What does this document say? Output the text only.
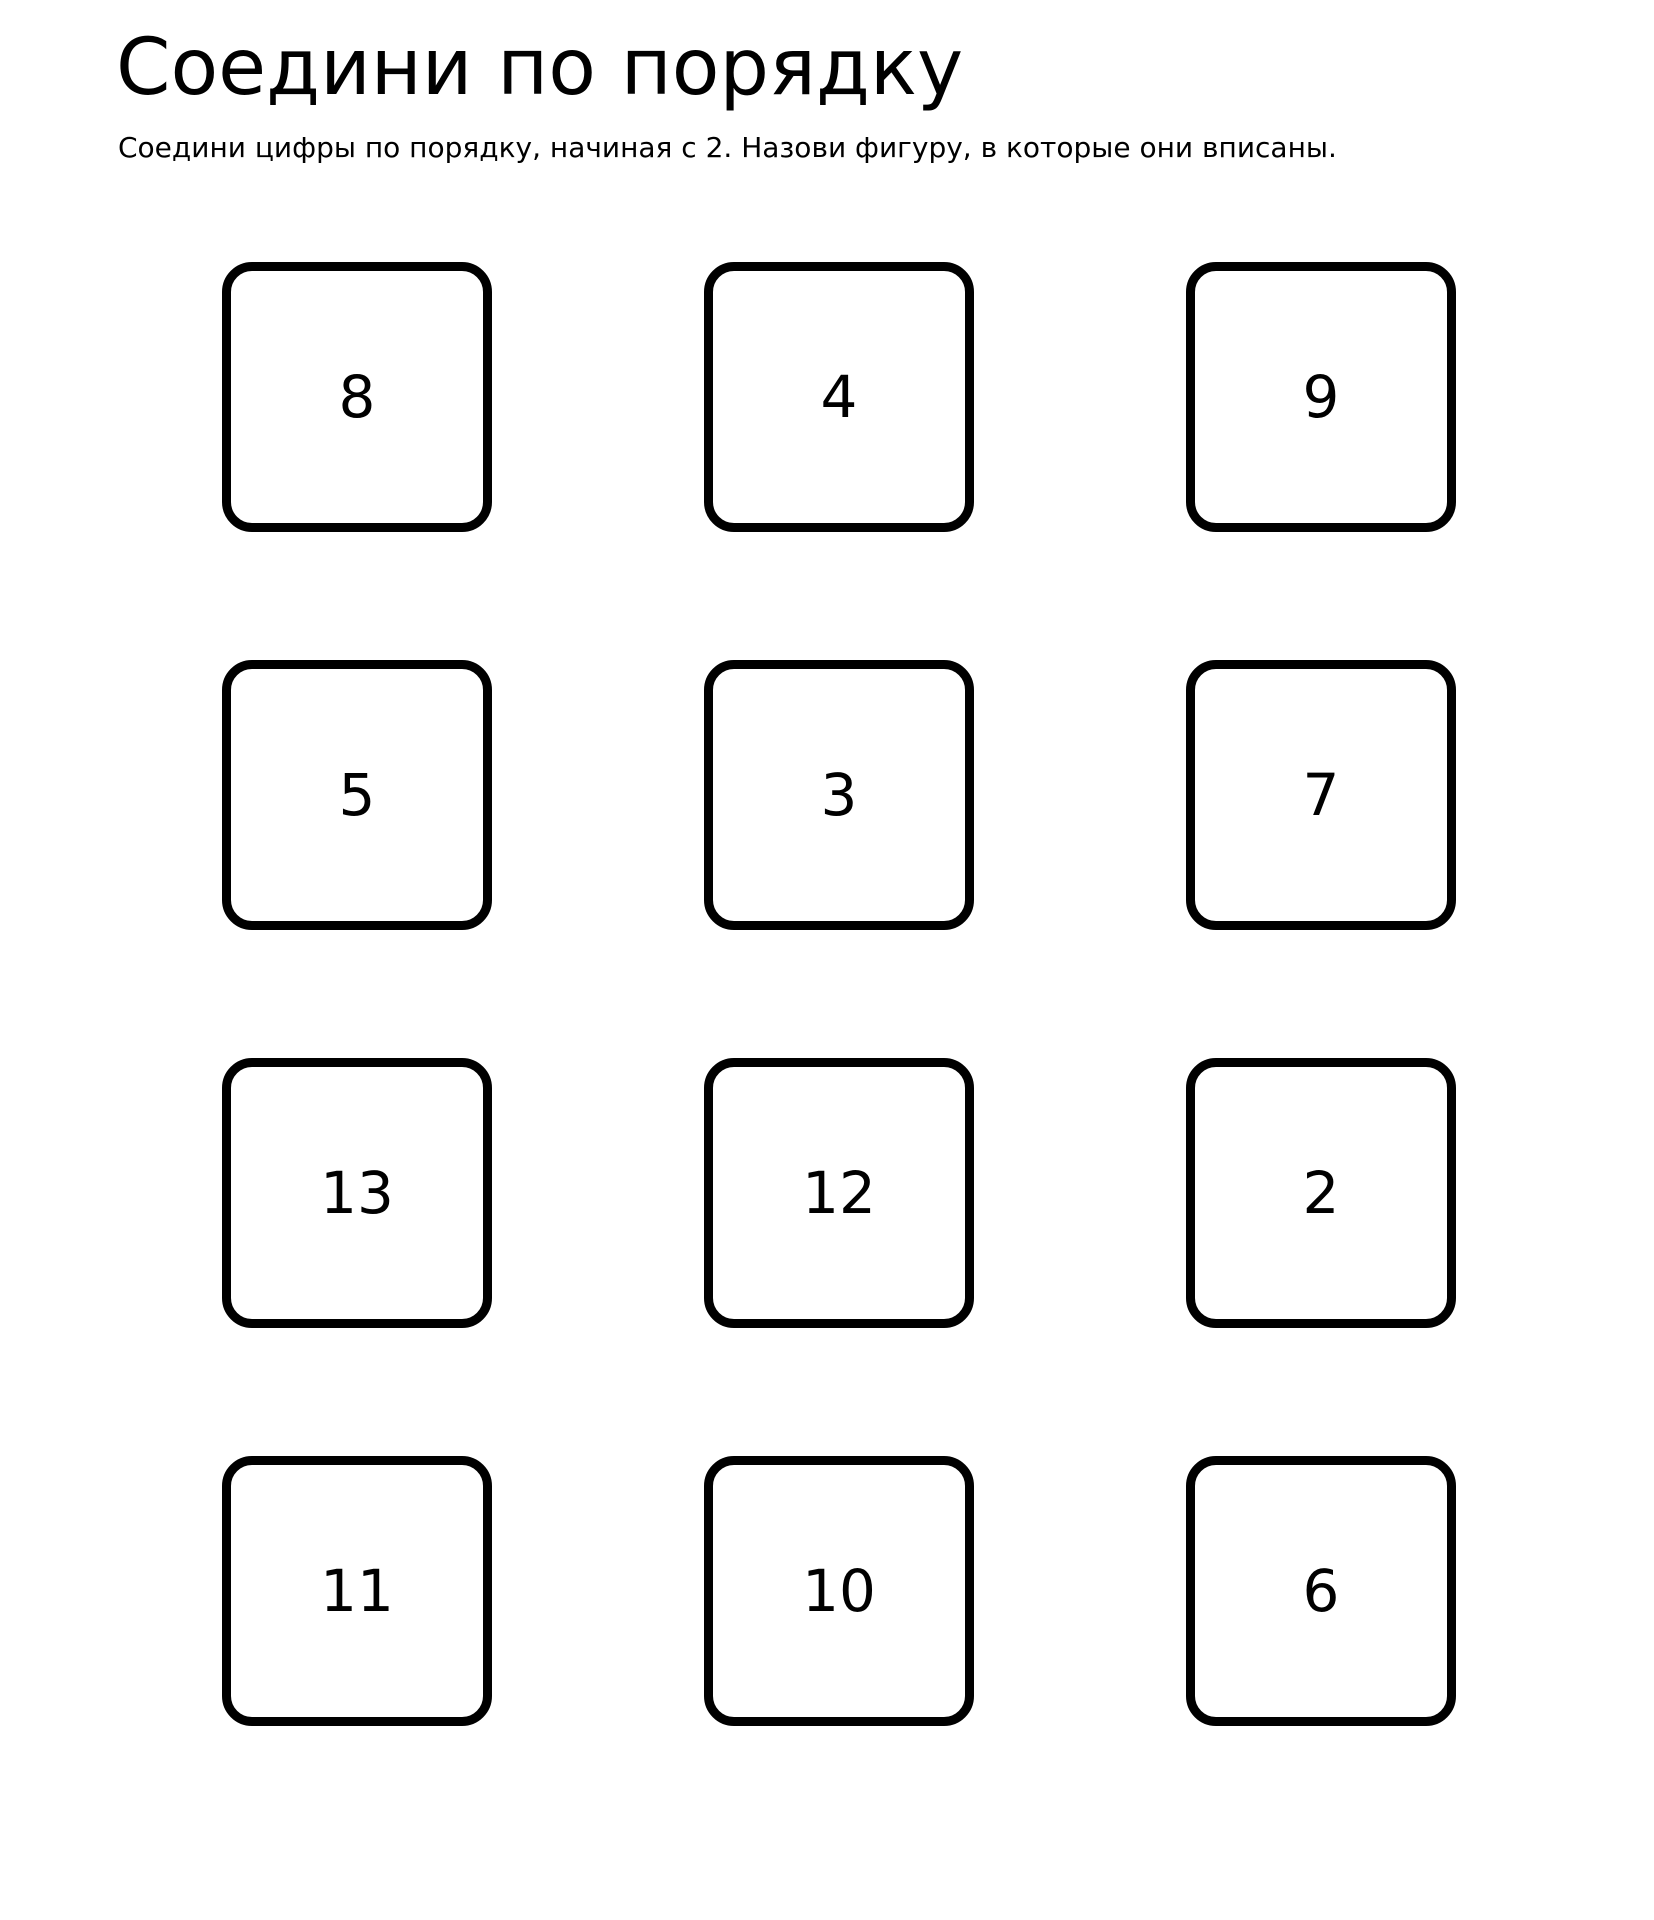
Соедини по порядку

Соедини цифры по порядку, начиная с 2. Назови фигуру, в которые они вписаны.

8	4	9
5	3	7
13	12	2
11	10	6
